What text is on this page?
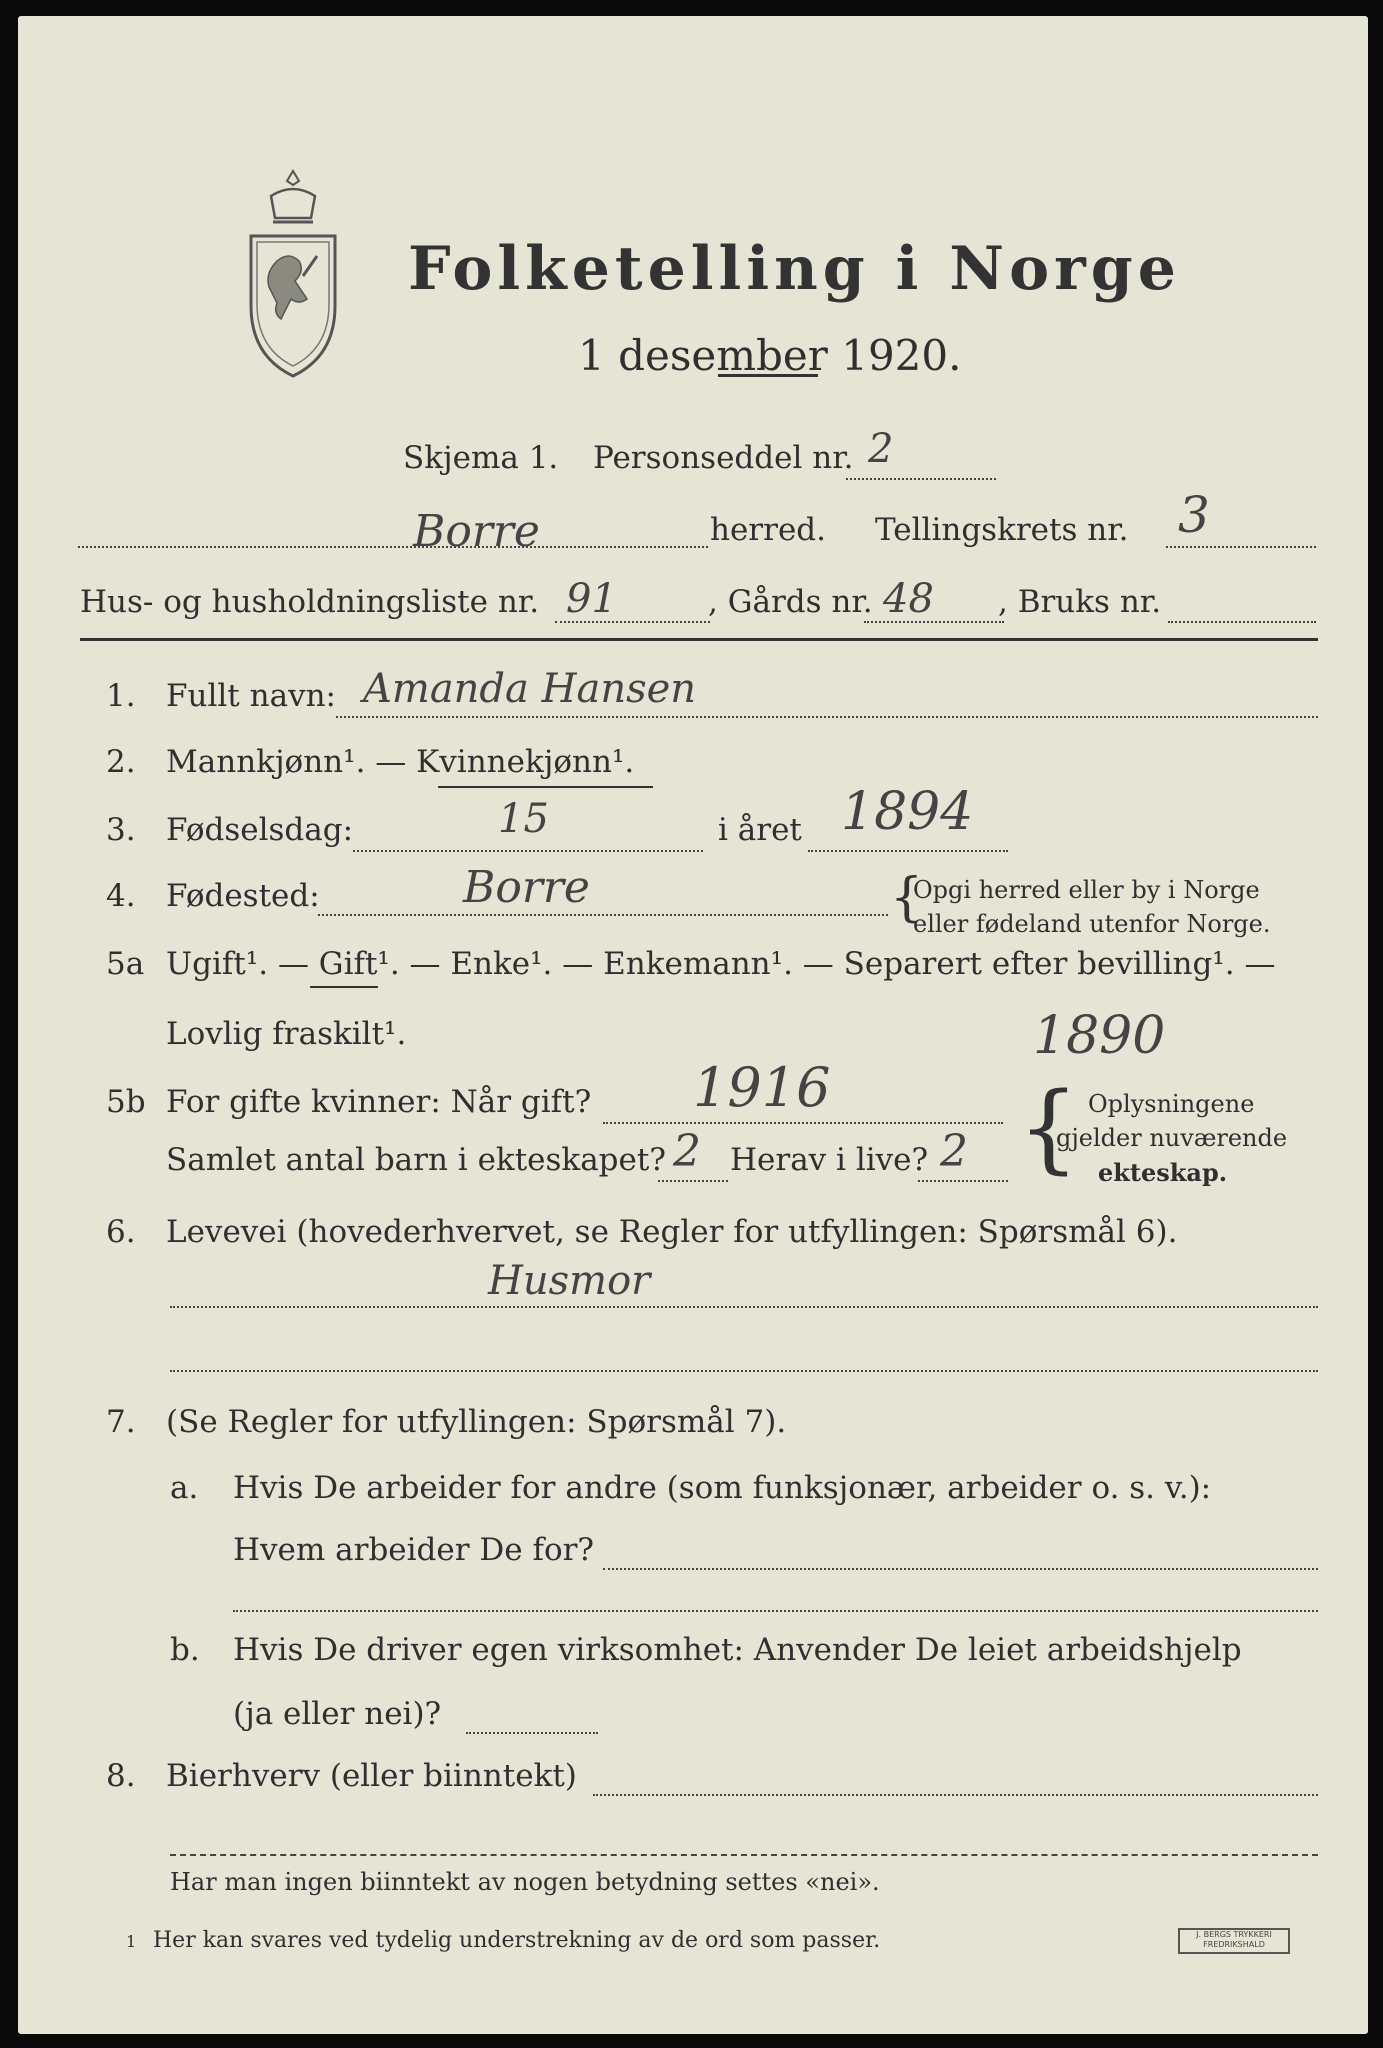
Folketelling i Norge
1 desember 1920.
Skjema 1. Personseddel nr. 2
Borre	herred. Tellingskrets nr. 3
Hus- og husholdningsliste nr. 91	, Gårds nr. 48 , Bruks nr.
1. Fullt navn: Amanda Hansen
2. Mannkjønn¹. — Kvinnekjønn¹.
3. Fødselsdag:	15	i året 1894
4. Fødested:	Borre	{
Opgi herred eller by i Norge
eller fødeland utenfor Norge.
5a Ugift¹. — Gift¹. — Enke¹. — Enkemann¹. — Separert efter bevilling¹. —
Lovlig fraskilt¹.	1890
5b For gifte kvinner: Når gift? 1916
Samlet antal barn i ekteskapet? 2 Herav i live? 2 { Oplysningene
gjelder nuværende
ekteskap.
6. Levevei (hovederhvervet, se Regler for utfyllingen: Spørsmål 6).
Husmor
7. (Se Regler for utfyllingen: Spørsmål 7).
a. Hvis De arbeider for andre (som funksjonær, arbeider o. s. v.):
Hvem arbeider De for?
b. Hvis De driver egen virksomhet: Anvender De leiet arbeidshjelp
(ja eller nei)?
8. Bierhverv (eller biinntekt)
Har man ingen biinntekt av nogen betydning settes «nei».
1 Her kan svares ved tydelig understrekning av de ord som passer.	J. BERGS TRYKKERI
FREDRIKSHALD
